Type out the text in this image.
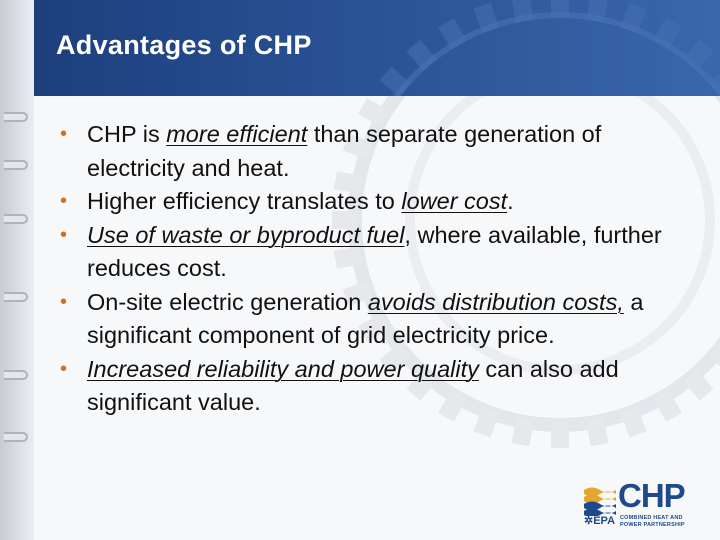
Advantages of CHP
• CHP is more efficient than separate generation of electricity and heat.
• Higher efficiency translates to lower cost.
• Use of waste or byproduct fuel, where available, further reduces cost.
• On-site electric generation avoids distribution costs, a significant component of grid electricity price.
• Increased reliability and power quality can also add significant value.
CHP
✲EPA COMBINED HEAT AND POWER PARTNERSHIP
